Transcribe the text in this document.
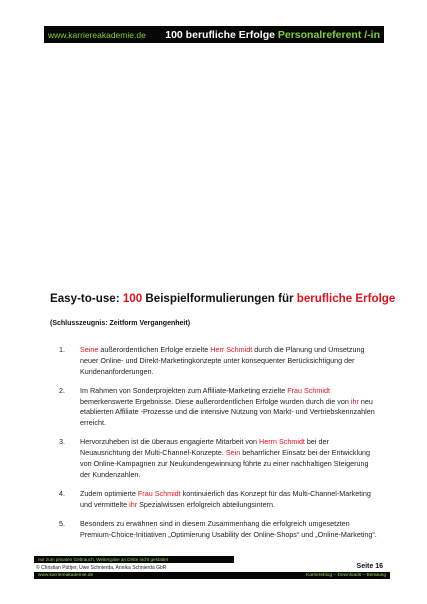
www.karriereakademie.de 100 berufliche Erfolge Personalreferent /-in
Easy-to-use: 100 Beispielformulierungen für berufliche Erfolge
(Schlusszeugnis: Zeitform Vergangenheit)
1.	Seine außerordentlichen Erfolge erzielte Herr Schmidt durch die Planung und Umsetzung neuer Online- und Direkt-Marketingkonzepte unter konsequenter Berücksichtigung der Kundenanforderungen.
2.	Im Rahmen von Sonderprojekten zum Affiliate-Marketing erzielte Frau Schmidt bemerkenswerte Ergebnisse. Diese außerordentlichen Erfolge wurden durch die von ihr neu etablierten Affiliate -Prozesse und die intensive Nutzung von Markt- und Vertriebskennzahlen erreicht.
3.	Hervorzuheben ist die überaus engagierte Mitarbeit von Herrn Schmidt bei der Neuausrichtung der Multi-Channel-Konzepte. Sein beharrlicher Einsatz bei der Entwicklung von Online-Kampagnen zur Neukundengewinnung führte zu einer nachhaltigen Steigerung der Kundenzahlen.
4.	Zudem optimierte Frau Schmidt kontinuierlich das Konzept für das Multi-Channel-Marketing und vermittelte ihr Spezialwissen erfolgreich abteilungsintern.
5.	Besonders zu erwähnen sind in diesem Zusammenhang die erfolgreich umgesetzten Premium-Choice-Initiativen „Optimierung Usability der Online-Shops“ und „Online-Marketing“.
nur zum privaten Gebrauch, Weitergabe an Dritte nicht gestattet
© Christian Püttjer, Uwe Schnierda, Annika Schnierda GbR	Seite 16
www.karriereakademie.de	Karriereblog – Downloads – Beratung
